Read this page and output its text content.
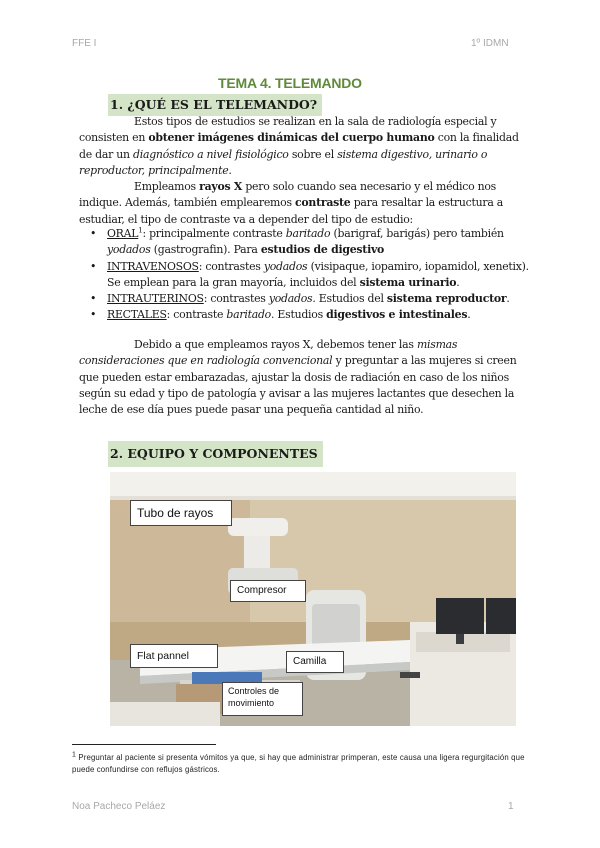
FFE I	1º IDMN
TEMA 4. TELEMANDO
1. ¿QUÉ ES EL TELEMANDO?

Estos tipos de estudios se realizan en la sala de radiología especial y consisten en obtener imágenes dinámicas del cuerpo humano con la finalidad de dar un diagnóstico a nivel fisiológico sobre el sistema digestivo, urinario o reproductor, principalmente.

Empleamos rayos X pero solo cuando sea necesario y el médico nos indique. Además, también emplearemos contraste para resaltar la estructura a estudiar, el tipo de contraste va a depender del tipo de estudio:

• ORAL$^1$: principalmente contraste baritado (barigraf, barigás) pero también yodados (gastrografin). Para estudios de digestivo
• INTRAVENOSOS: contrastes yodados (visipaque, iopamiro, iopamidol, xenetix). Se emplean para la gran mayoría, incluidos del sistema urinario.
• INTRAUTERINOS: contrastes yodados. Estudios del sistema reproductor.
• RECTALES: contraste baritado. Estudios digestivos e intestinales.

Debido a que empleamos rayos X, debemos tener las mismas consideraciones que en radiología convencional y preguntar a las mujeres si creen que pueden estar embarazadas, ajustar la dosis de radiación en caso de los niños según su edad y tipo de patología y avisar a las mujeres lactantes que desechen la leche de ese día pues puede pasar una pequeña cantidad al niño.

2. EQUIPO Y COMPONENTES
Tubo de rayos
Compresor
Flat pannel	Camilla
Controles de movimiento
$^1$ Preguntar al paciente si presenta vómitos ya que, si hay que administrar primperan, este causa una ligera regurgitación que puede confundirse con reflujos gástricos.
Noa Pacheco Peláez	1
